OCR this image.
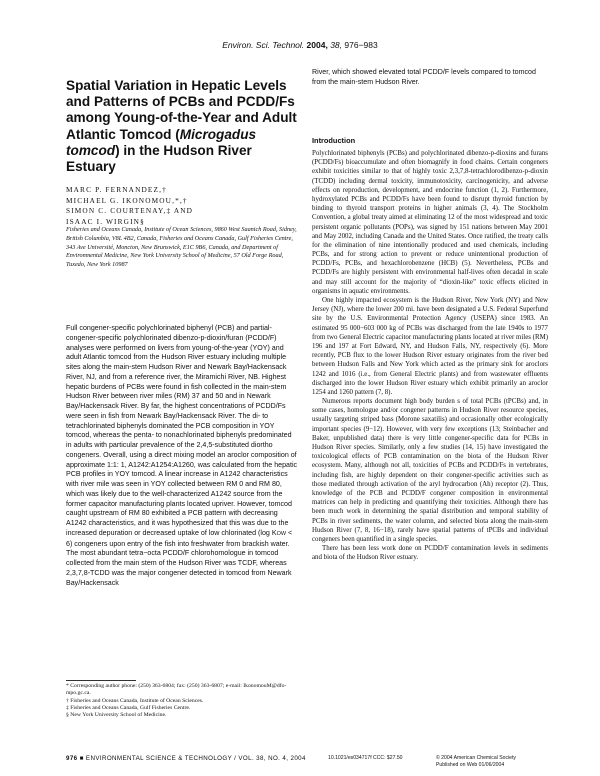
Environ. Sci. Technol. 2004, 38, 976−983
Spatial Variation in Hepatic Levels and Patterns of PCBs and PCDD/Fs among Young-of-the-Year and Adult Atlantic Tomcod (Microgadus tomcod) in the Hudson River Estuary
MARC P. FERNANDEZ,†
MICHAEL G. IKONOMOU,*,†
SIMON C. COURTENAY,‡ AND
ISAAC I. WIRGIN§
Fisheries and Oceans Canada, Institute of Ocean Sciences, 9860 West Saanich Road, Sidney, British Columbia, V8L 4B2, Canada, Fisheries and Oceans Canada, Gulf Fisheries Centre, 343 Ave Université, Moncton, New Brunswick, E1C 9B6, Canada, and Department of Environmental Medicine, New York University School of Medicine, 57 Old Forge Road, Tuxedo, New York 10987

Full congener-specific polychlorinated biphenyl (PCB) and partial-congener-specific polychlorinated dibenzo-p-dioxin/furan (PCDD/F) analyses were performed on livers from young-of-the-year (YOY) and adult Atlantic tomcod from the Hudson River estuary including multiple sites along the main-stem Hudson River and Newark Bay/Hackensack River, NJ, and from a reference river, the Miramichi River, NB. Highest hepatic burdens of PCBs were found in fish collected in the main-stem Hudson River between river miles (RM) 37 and 50 and in Newark Bay/Hackensack River. By far, the highest concentrations of PCDD/Fs were seen in fish from Newark Bay/Hackensack River. The di- to tetrachlorinated biphenyls dominated the PCB composition in YOY tomcod, whereas the penta- to nonachlorinated biphenyls predominated in adults with particular prevalence of the 2,4,5-substituted diortho congeners. Overall, using a direct mixing model an aroclor composition of approximate 1:1: 1, A1242:A1254:A1260, was calculated from the hepatic PCB profiles in YOY tomcod. A linear increase in A1242 characteristics with river mile was seen in YOY collected between RM 0 and RM 80, which was likely due to the well-characterized A1242 source from the former capacitor manufacturing plants located upriver. However, tomcod caught upstream of RM 80 exhibited a PCB pattern with decreasing A1242 characteristics, and it was hypothesized that this was due to the increased depuration or decreased uptake of low chlorinated (log KOW < 6) congeners upon entry of the fish into freshwater from brackish water. The most abundant tetra−octa PCDD/F chlorohomologue in tomcod collected from the main stem of the Hudson River was TCDF, whereas 2,3,7,8-TCDD was the major congener detected in tomcod from Newark Bay/Hackensack

* Corresponding author phone: (250) 363-6804; fax: (250) 363-6807; e-mail: IkonomouM@dfo-mpo.gc.ca.
† Fisheries and Oceans Canada, Institute of Ocean Sciences.
‡ Fisheries and Oceans Canada, Gulf Fisheries Centre.
§ New York University School of Medicine.

River, which showed elevated total PCDD/F levels compared to tomcod from the main-stem Hudson River.

Introduction

Polychlorinated biphenyls (PCBs) and polychlorinated dibenzo-p-dioxins and furans (PCDD/Fs) bioaccumulate and often biomagnify in food chains. Certain congeners exhibit toxicities similar to that of highly toxic 2,3,7,8-tetrachlorodibenzo-p-dioxin (TCDD) including dermal toxicity, immunotoxicity, carcinogenicity, and adverse effects on reproduction, development, and endocrine function (1, 2). Furthermore, hydroxylated PCBs and PCDD/Fs have been found to disrupt thyroid function by binding to thyroid transport proteins in higher animals (3, 4). The Stockholm Convention, a global treaty aimed at eliminating 12 of the most widespread and toxic persistent organic pollutants (POPs), was signed by 151 nations between May 2001 and May 2002, including Canada and the United States. Once ratified, the treaty calls for the elimination of nine intentionally produced and used chemicals, including PCBs, and for strong action to prevent or reduce unintentional production of PCDD/Fs, PCBs, and hexachlorobenzene (HCB) (5). Nevertheless, PCBs and PCDD/Fs are highly persistent with environmental half-lives often decadal in scale and may still account for the majority of “dioxin-like” toxic effects elicited in organisms in aquatic environments.

One highly impacted ecosystem is the Hudson River, New York (NY) and New Jersey (NJ), where the lower 200 mi. have been designated a U.S. Federal Superfund site by the U.S. Environmental Protection Agency (USEPA) since 1983. An estimated 95 000−603 000 kg of PCBs was discharged from the late 1940s to 1977 from two General Electric capacitor manufacturing plants located at river miles (RM) 196 and 197 at Fort Edward, NY, and Hudson Falls, NY, respectively (6). More recently, PCB flux to the lower Hudson River estuary originates from the river bed between Hudson Falls and New York which acted as the primary sink for aroclors 1242 and 1016 (i.e., from General Electric plants) and from wastewater effluents discharged into the lower Hudson River estuary which exhibit primarily an aroclor 1254 and 1260 pattern (7, 8).

Numerous reports document high body burden s of total PCBs (tPCBs) and, in some cases, homologue and/or congener patterns in Hudson River resource species, usually targeting striped bass (Morone saxatilis) and occasionally other ecologically important species (9−12). However, with very few exceptions (13; Steinbacher and Baker, unpublished data) there is very little congener-specific data for PCBs in Hudson River species. Similarly, only a few studies (14, 15) have investigated the toxicological effects of PCB contamination on the biota of the Hudson River ecosystem. Many, although not all, toxicities of PCBs and PCDD/Fs in vertebrates, including fish, are highly dependent on their congener-specific activities such as those mediated through activation of the aryl hydrocarbon (Ah) receptor (2). Thus, knowledge of the PCB and PCDD/F congener composition in environmental matrices can help in predicting and quantifying their toxicities. Although there has been much work in determining the spatial distribution and temporal stability of PCBs in river sediments, the water column, and selected biota along the main-stem Hudson River (7, 8, 16−18), rarely have spatial patterns of tPCBs and individual congeners been quantified in a single species.

There has been less work done on PCDD/F contamination levels in sediments and biota of the Hudson River estuary.

976 ■ ENVIRONMENTAL SCIENCE & TECHNOLOGY / VOL. 38, NO. 4, 2004	10.1021/es034717f CCC: $27.50	© 2004 American Chemical Society
Published on Web 01/06/2004
